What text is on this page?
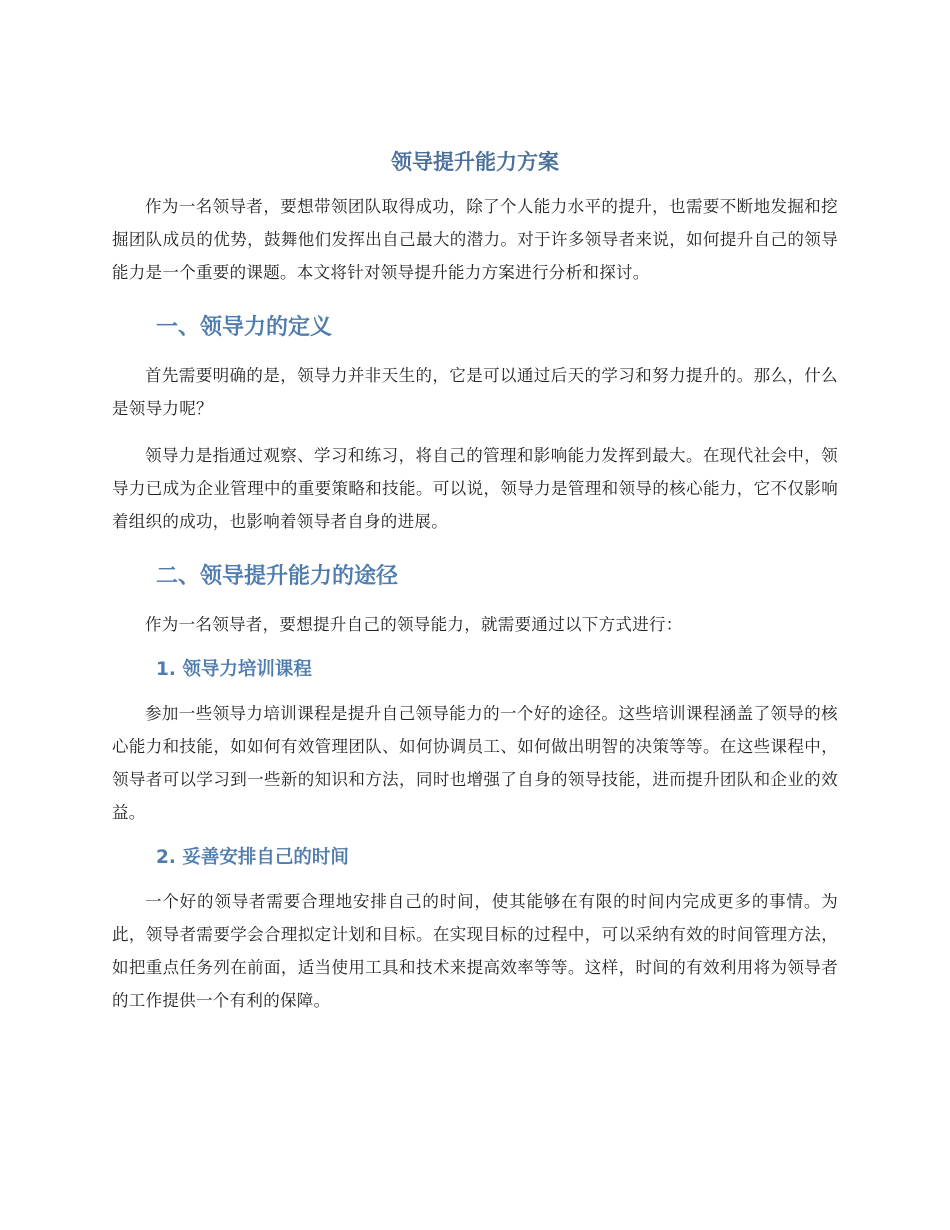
领导提升能力方案

作为一名领导者，要想带领团队取得成功，除了个人能力水平的提升，也需要不断地发掘和挖掘团队成员的优势，鼓舞他们发挥出自己最大的潜力。对于许多领导者来说，如何提升自己的领导能力是一个重要的课题。本文将针对领导提升能力方案进行分析和探讨。

一、领导力的定义

首先需要明确的是，领导力并非天生的，它是可以通过后天的学习和努力提升的。那么，什么是领导力呢？

领导力是指通过观察、学习和练习，将自己的管理和影响能力发挥到最大。在现代社会中，领导力已成为企业管理中的重要策略和技能。可以说，领导力是管理和领导的核心能力，它不仅影响着组织的成功，也影响着领导者自身的进展。

二、领导提升能力的途径

作为一名领导者，要想提升自己的领导能力，就需要通过以下方式进行：

1. 领导力培训课程

参加一些领导力培训课程是提升自己领导能力的一个好的途径。这些培训课程涵盖了领导的核心能力和技能，如如何有效管理团队、如何协调员工、如何做出明智的决策等等。在这些课程中，领导者可以学习到一些新的知识和方法，同时也增强了自身的领导技能，进而提升团队和企业的效益。

2. 妥善安排自己的时间

一个好的领导者需要合理地安排自己的时间，使其能够在有限的时间内完成更多的事情。为此，领导者需要学会合理拟定计划和目标。在实现目标的过程中，可以采纳有效的时间管理方法，如把重点任务列在前面，适当使用工具和技术来提高效率等等。这样，时间的有效利用将为领导者的工作提供一个有利的保障。
